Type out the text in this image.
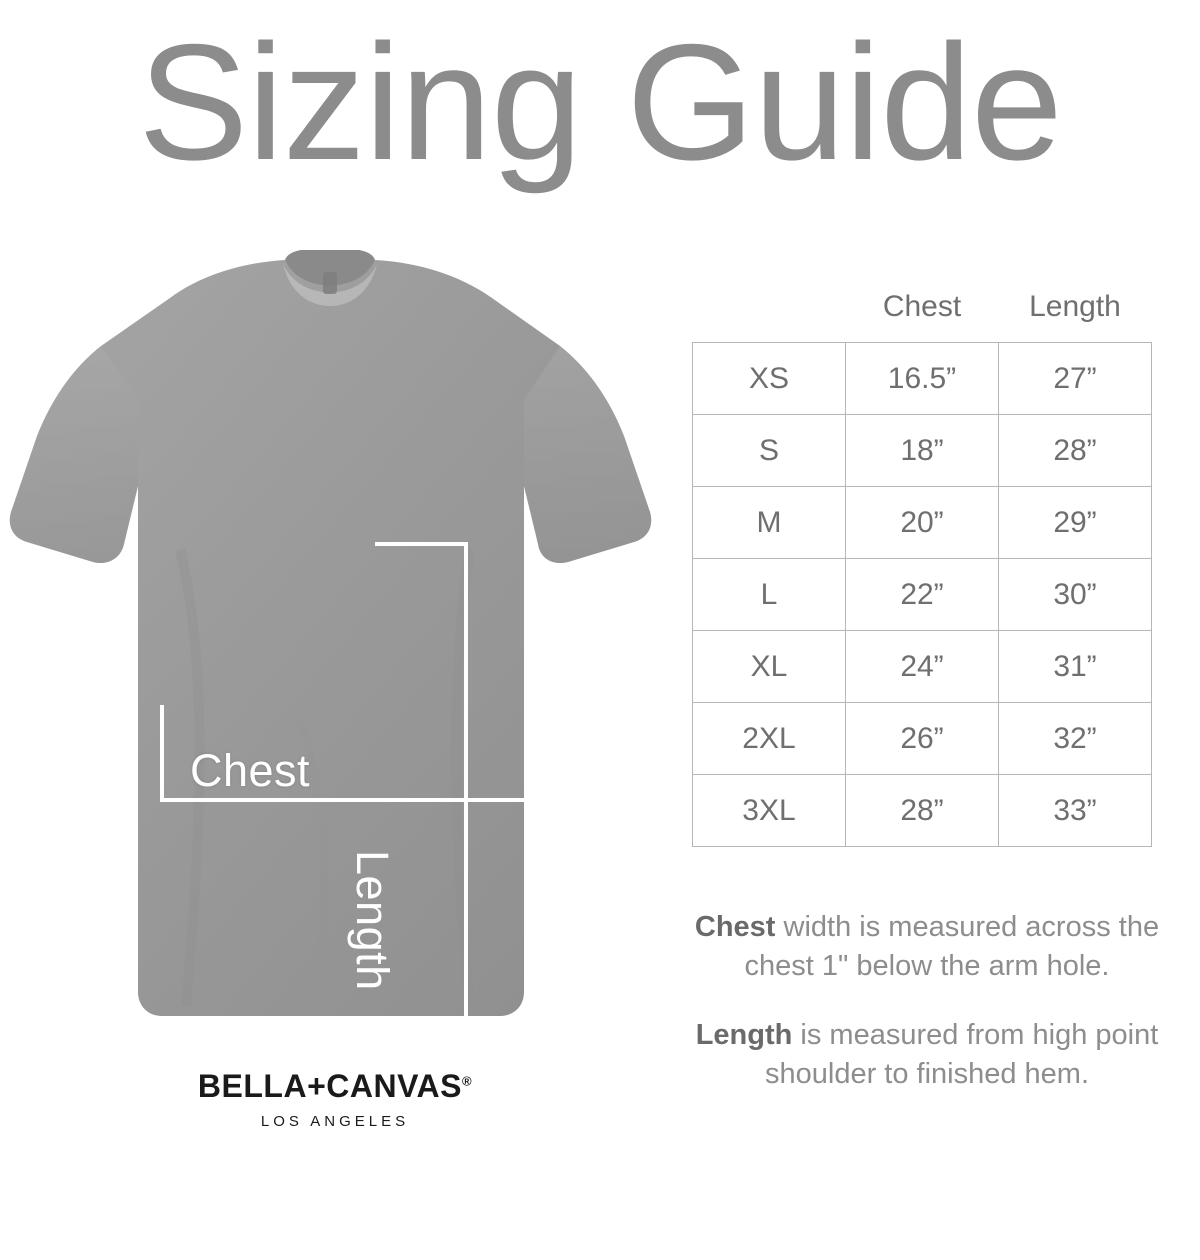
Sizing Guide
Chest
Length
BELLA+CANVAS®
LOS ANGELES
	Chest	Length
XS	16.5”	27”
S	18”	28”
M	20”	29”
L	22”	30”
XL	24”	31”
2XL	26”	32”
3XL	28”	33”
Chest width is measured across the chest 1" below the arm hole.
Length is measured from high point shoulder to finished hem.
